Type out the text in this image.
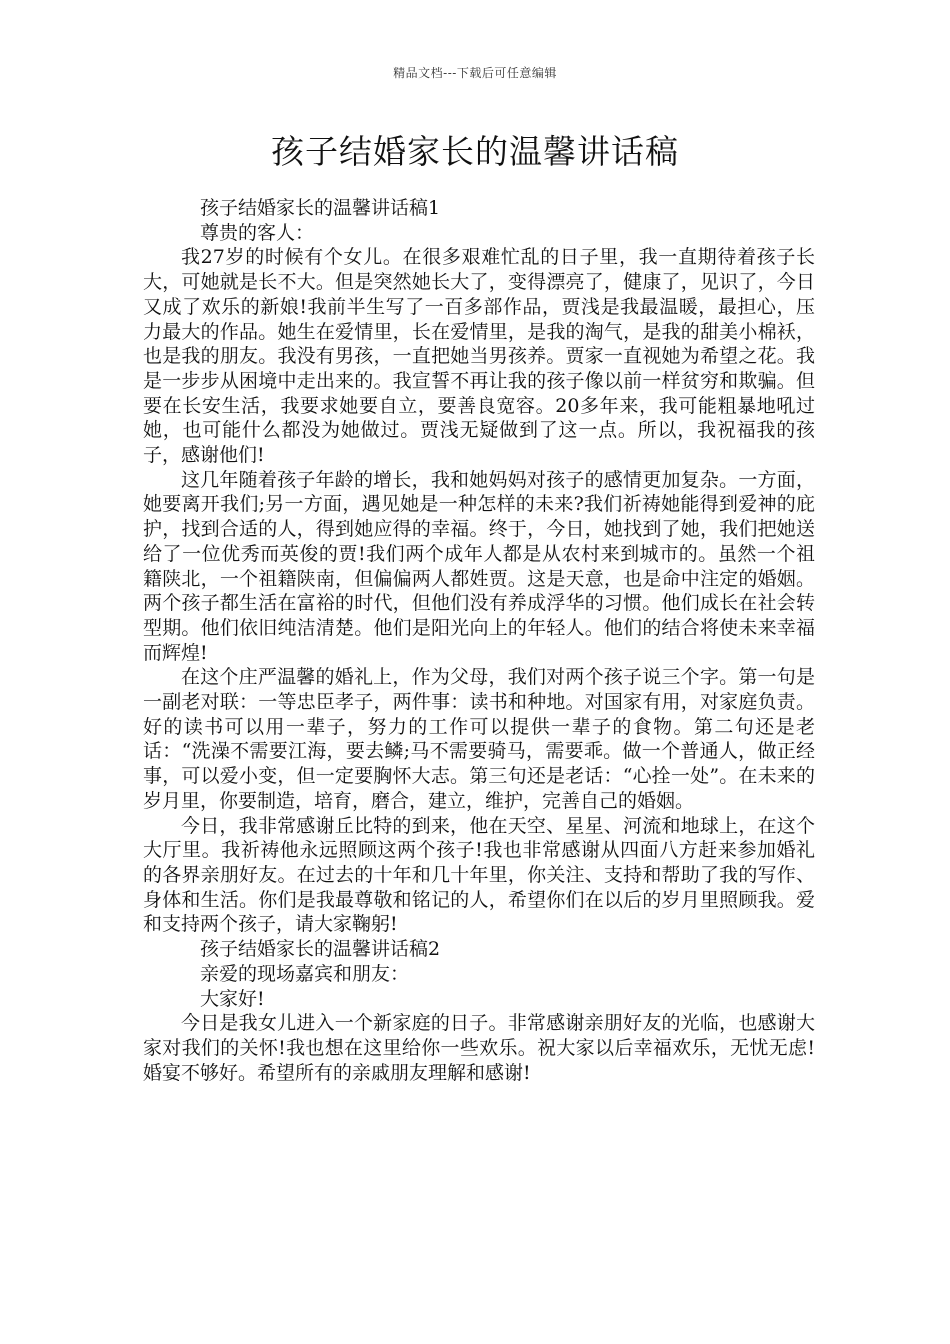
精品文档---下载后可任意编辑
孩子结婚家长的温馨讲话稿

孩子结婚家长的温馨讲话稿1

尊贵的客人：

我27岁的时候有个女儿。在很多艰难忙乱的日子里，我一直期待着孩子长大，可她就是长不大。但是突然她长大了，变得漂亮了，健康了，见识了，今日又成了欢乐的新娘!我前半生写了一百多部作品，贾浅是我最温暖，最担心，压力最大的作品。她生在爱情里，长在爱情里，是我的淘气，是我的甜美小棉袄，也是我的朋友。我没有男孩，一直把她当男孩养。贾家一直视她为希望之花。我是一步步从困境中走出来的。我宣誓不再让我的孩子像以前一样贫穷和欺骗。但要在长安生活，我要求她要自立，要善良宽容。20多年来，我可能粗暴地吼过她，也可能什么都没为她做过。贾浅无疑做到了这一点。所以，我祝福我的孩子，感谢他们!

这几年随着孩子年龄的增长，我和她妈妈对孩子的感情更加复杂。一方面，她要离开我们;另一方面，遇见她是一种怎样的未来?我们祈祷她能得到爱神的庇护，找到合适的人，得到她应得的幸福。终于，今日，她找到了她，我们把她送给了一位优秀而英俊的贾!我们两个成年人都是从农村来到城市的。虽然一个祖籍陕北，一个祖籍陕南，但偏偏两人都姓贾。这是天意，也是命中注定的婚姻。两个孩子都生活在富裕的时代，但他们没有养成浮华的习惯。他们成长在社会转型期。他们依旧纯洁清楚。他们是阳光向上的年轻人。他们的结合将使未来幸福而辉煌!

在这个庄严温馨的婚礼上，作为父母，我们对两个孩子说三个字。第一句是一副老对联：一等忠臣孝子，两件事：读书和种地。对国家有用，对家庭负责。好的读书可以用一辈子，努力的工作可以提供一辈子的食物。第二句还是老话：“洗澡不需要江海，要去鳞;马不需要骑马，需要乖。做一个普通人，做正经事，可以爱小变，但一定要胸怀大志。第三句还是老话：“心拴一处”。在未来的岁月里，你要制造，培育，磨合，建立，维护，完善自己的婚姻。

今日，我非常感谢丘比特的到来，他在天空、星星、河流和地球上，在这个大厅里。我祈祷他永远照顾这两个孩子!我也非常感谢从四面八方赶来参加婚礼的各界亲朋好友。在过去的十年和几十年里，你关注、支持和帮助了我的写作、身体和生活。你们是我最尊敬和铭记的人，希望你们在以后的岁月里照顾我。爱和支持两个孩子，请大家鞠躬!

孩子结婚家长的温馨讲话稿2

亲爱的现场嘉宾和朋友：

大家好!

今日是我女儿进入一个新家庭的日子。非常感谢亲朋好友的光临，也感谢大家对我们的关怀!我也想在这里给你一些欢乐。祝大家以后幸福欢乐，无忧无虑!婚宴不够好。希望所有的亲戚朋友理解和感谢!
